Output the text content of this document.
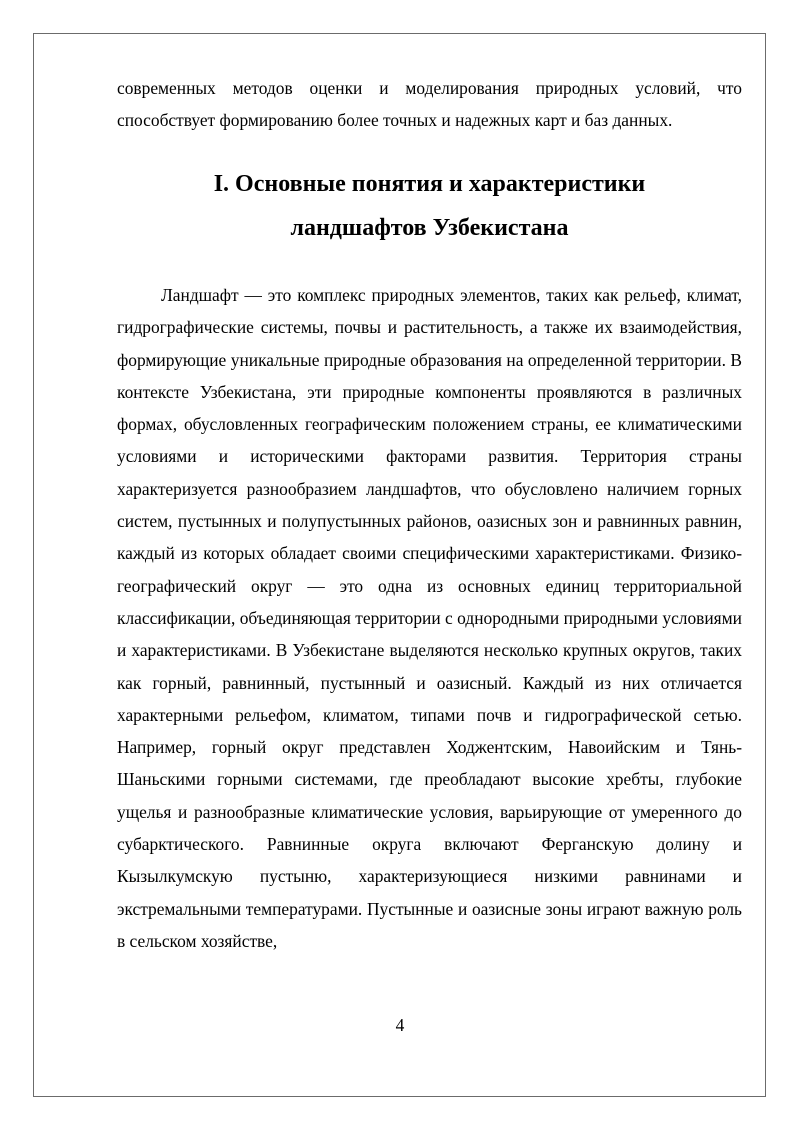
современных методов оценки и моделирования природных условий, что способствует формированию более точных и надежных карт и баз данных.

I. Основные понятия и характеристики
ландшафтов Узбекистана

Ландшафт — это комплекс природных элементов, таких как рельеф, климат, гидрографические системы, почвы и растительность, а также их взаимодействия, формирующие уникальные природные образования на определенной территории. В контексте Узбекистана, эти природные компоненты проявляются в различных формах, обусловленных географическим положением страны, ее климатическими условиями и историческими факторами развития. Территория страны характеризуется разнообразием ландшафтов, что обусловлено наличием горных систем, пустынных и полупустынных районов, оазисных зон и равнинных равнин, каждый из которых обладает своими специфическими характеристиками. Физико-географический округ — это одна из основных единиц территориальной классификации, объединяющая территории с однородными природными условиями и характеристиками. В Узбекистане выделяются несколько крупных округов, таких как горный, равнинный, пустынный и оазисный. Каждый из них отличается характерными рельефом, климатом, типами почв и гидрографической сетью. Например, горный округ представлен Ходжентским, Навоийским и Тянь-Шаньскими горными системами, где преобладают высокие хребты, глубокие ущелья и разнообразные климатические условия, варьирующие от умеренного до субарктического. Равнинные округа включают Ферганскую долину и Кызылкумскую пустыню, характеризующиеся низкими равнинами и экстремальными температурами. Пустынные и оазисные зоны играют важную роль в сельском хозяйстве,

4
